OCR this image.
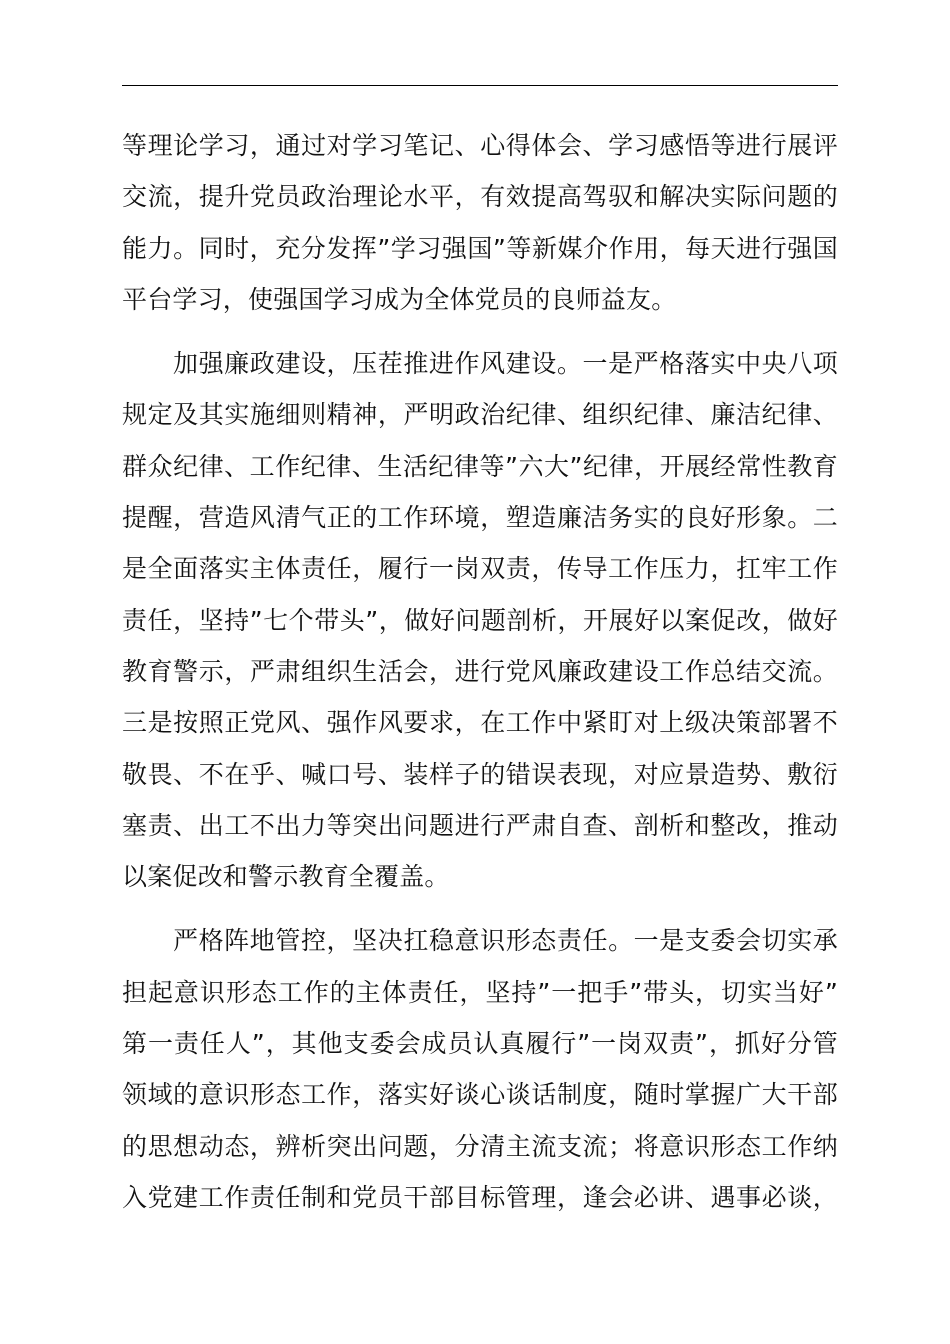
等理论学习，通过对学习笔记、心得体会、学习感悟等进行展评
交流，提升党员政治理论水平，有效提高驾驭和解决实际问题的
能力。同时，充分发挥”学习强国”等新媒介作用，每天进行强国
平台学习，使强国学习成为全体党员的良师益友。
加强廉政建设，压茬推进作风建设。一是严格落实中央八项
规定及其实施细则精神，严明政治纪律、组织纪律、廉洁纪律、
群众纪律、工作纪律、生活纪律等”六大”纪律，开展经常性教育
提醒，营造风清气正的工作环境，塑造廉洁务实的良好形象。二
是全面落实主体责任，履行一岗双责，传导工作压力，扛牢工作
责任，坚持”七个带头”，做好问题剖析，开展好以案促改，做好
教育警示，严肃组织生活会，进行党风廉政建设工作总结交流。
三是按照正党风、强作风要求，在工作中紧盯对上级决策部署不
敬畏、不在乎、喊口号、装样子的错误表现，对应景造势、敷衍
塞责、出工不出力等突出问题进行严肃自查、剖析和整改，推动
以案促改和警示教育全覆盖。
严格阵地管控，坚决扛稳意识形态责任。一是支委会切实承
担起意识形态工作的主体责任，坚持”一把手”带头，切实当好”
第一责任人”，其他支委会成员认真履行”一岗双责”，抓好分管
领域的意识形态工作，落实好谈心谈话制度，随时掌握广大干部
的思想动态，辨析突出问题，分清主流支流；将意识形态工作纳
入党建工作责任制和党员干部目标管理，逢会必讲、遇事必谈，
